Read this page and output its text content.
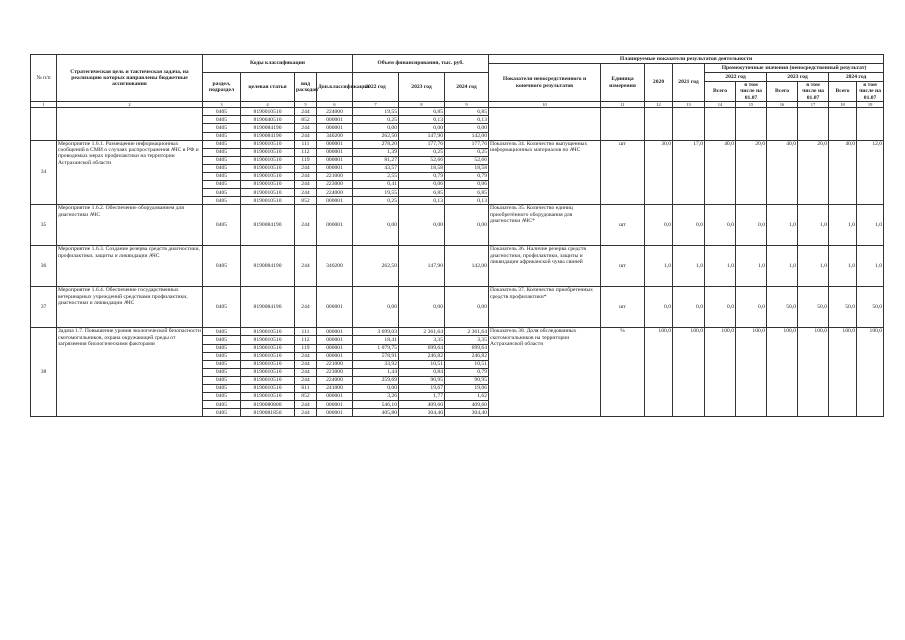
№ п/п	Стратегическая цель и тактическая задача, на реализацию которых направлены бюджетные ассигнования	Коды классификации				Объем финансирования, тыс. руб.			Планируемые показатели результатов деятельности									
									Показатели непосредственного и конечного результатов	Единица измерения	2020	2021 год	Промежуточные значения (непосредственный результат)					
		раздел, подраздел	целевая статья	вид расходов	Доп.классификация	2022 год	2023 год	2024 год					2022 год		2023 год		2024 год	
													Всего	в том числе на 01.07	Всего	в том числе на 01.07	Всего	в том числе на 01.07
1	2	3	4	5	6	7	8	9	10	11	12	13	14	15	16	17	18	19
		0405	8190010510	244	224000	19,55	6,85	6,85										
		0405	8190040510	852	000001	0,25	0,13	0,13										
		0405	8190084190	244	000001	0,00	0,00	0,00										
		0405	8190084190	244	340200	262,50	147,90	142,00										
34	Мероприятие 1.6.1. Размещение информационных сообщений в СМИ о случаях распространения АЧС в РФ и проводимых мерах профилактики на территории Астраханской области	0405	8190010510	111	000001	278,20	177,76	177,76	Показатель 34. Количество выпущенных информационных материалов по АЧС	шт	30,0	17,0	40,0	20,0	40,0	20,0	40,0	12,0
		0405	8190010510	112	000001	1,39	0,25	0,25										
		0405	8190010510	119	000001	81,27	52,66	52,66										
		0405	8190010510	244	000001	43,57	18,58	18,58										
		0405	8190010510	244	221000	2,55	0,79	0,79										
		0405	8190010510	244	223000	0,41	0,06	0,06										
		0405	8190010510	244	224000	19,55	6,85	6,85										
		0405	8190010510	852	000001	0,25	0,13	0,13										
35	Мероприятие 1.6.2. Обеспечение оборудованием для диагностики АЧС	0405	8190084190	244	000001	0,00	0,00	0,00	Показатель 35. Количество единиц приобретённого оборудования для диагностики АЧС*	шт	0,0	0,0	0,0	0,0	1,0	1,0	1,0	1,0
36	Мероприятие 1.6.3. Создание резерва средств диагностики, профилактики, защиты и ликвидации АЧС	0405	8190084190	244	340200	262,50	147,90	142,00	Показатель 36. Наличие резерва средств диагностики, профилактики, защиты и ликвидации африканской чумы свиней	шт	1,0	1,0	1,0	1,0	1,0	1,0	1,0	1,0
37	Мероприятие 1.6.4. Обеспечение государственных ветеринарных учреждений средствами профилактики, диагностики и ликвидации АЧС	0405	8190084190	244	000001	0,00	0,00	0,00	Показатель 37. Количество приобретенных средств профилактики*	шт	0,0	0,0	0,0	0,0	50,0	50,0	50,0	50,0
38	Задача 1.7. Повышение уровня экологической безопасности скотомогильников, охрана окружающей среды от загрязнения биологическими факторами	0405	8190010510	111	000001	3 699,03	2 361,64	2 361,64	Показатель 38. Доля обследованных скотомогильников на территории Астраханской области	%	100,0	100,0	100,0	100,0	100,0	100,0	100,0	100,0
		0405	8190010510	112	000001	18,41	3,35	3,35										
		0405	8190010510	119	000001	1 079,75	699,64	699,64										
		0405	8190010510	244	000001	578,91	246,82	246,82										
		0405	8190010510	244	221000	33,92	10,51	10,51										
		0405	8190010510	244	223000	1,44	0,84	0,79										
		0405	8190010510	244	224000	259,69	90,95	90,95										
		0405	8190010510	611	241000	0,00	19,67	19,06										
		0405	8190010510	852	000001	3,26	1,77	1,62										
		0405	8190080800	244	000001	546,10	409,60	409,60										
		0405	8190081850	244	000001	405,80	304,40	304,40										
